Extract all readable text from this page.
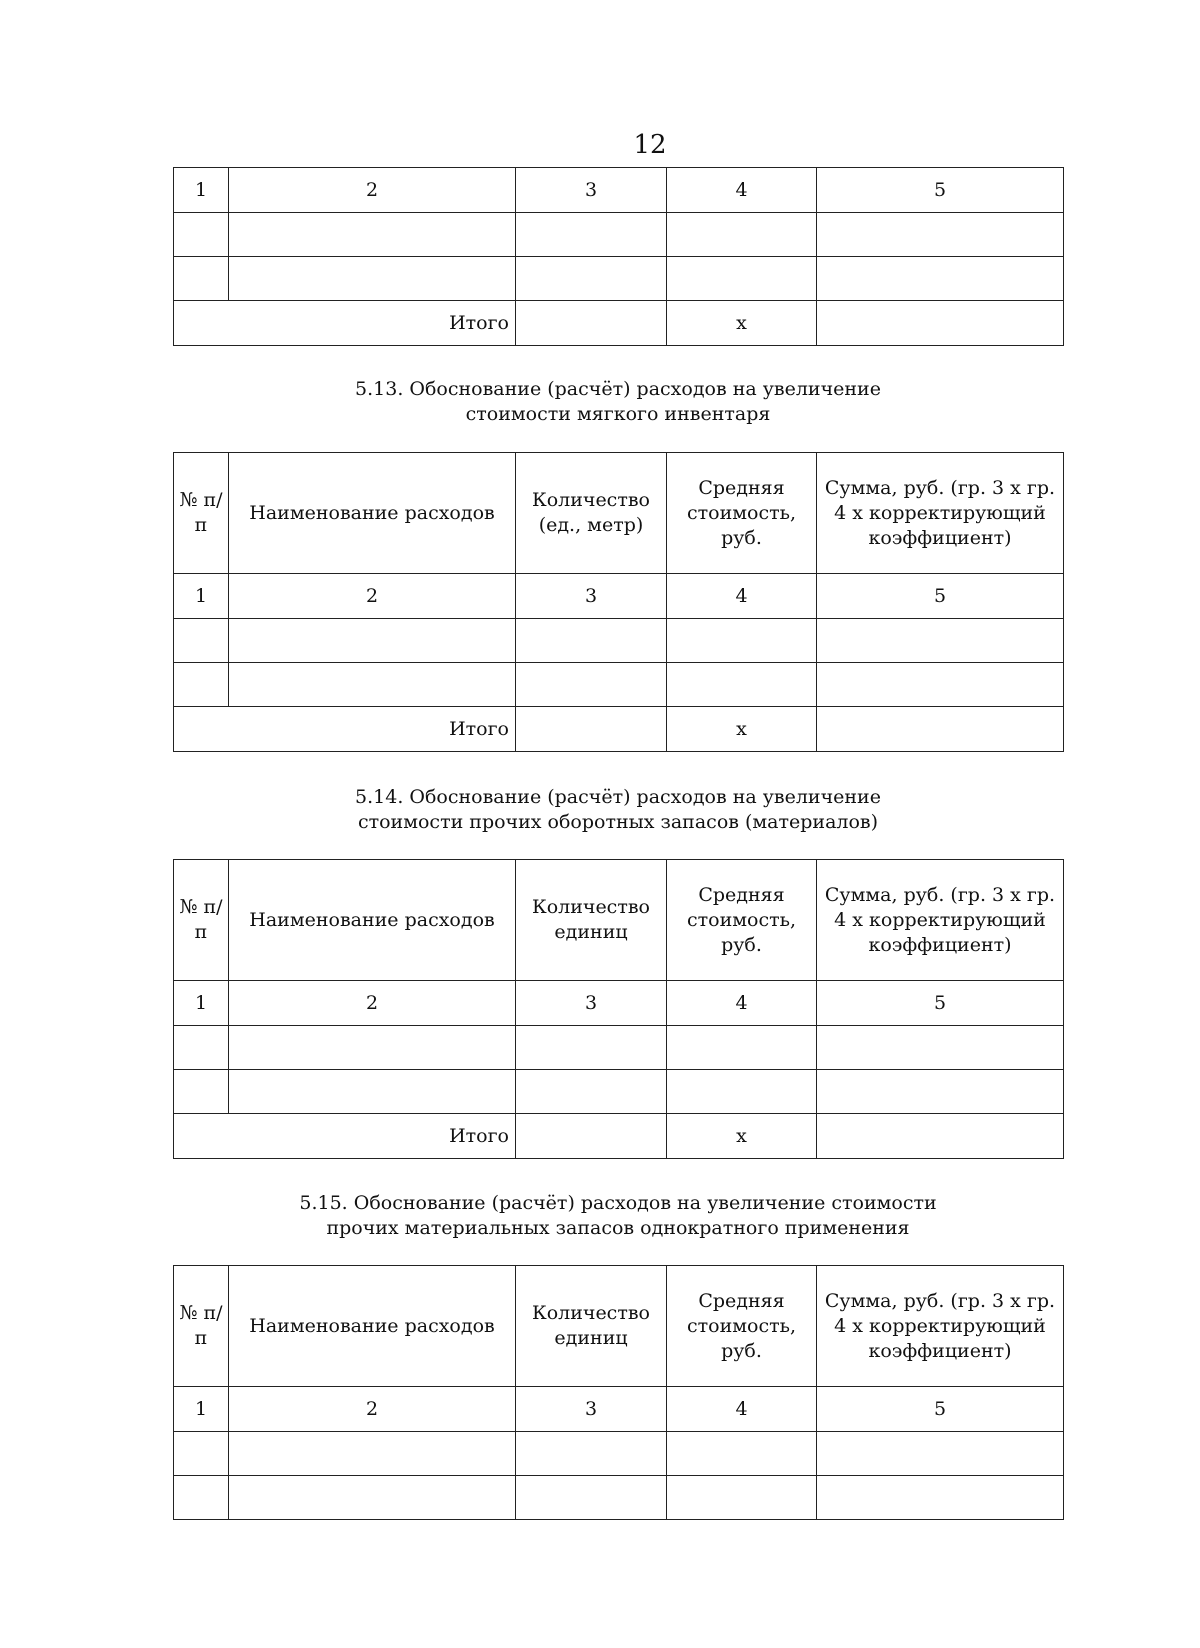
12
1	2	3	4	5

Итого			x	
5.13. Обоснование (расчёт) расходов на увеличение
стоимости мягкого инвентаря
№ п/п	Наименование расходов	Количество (ед., метр)	Средняя стоимость, руб.	Сумма, руб. (гр. 3 х гр. 4 х корректирующий коэффициент)
1	2	3	4	5

Итого			x	
5.14. Обоснование (расчёт) расходов на увеличение
стоимости прочих оборотных запасов (материалов)
№ п/п	Наименование расходов	Количество единиц	Средняя стоимость, руб.	Сумма, руб. (гр. 3 х гр. 4 х корректирующий коэффициент)
1	2	3	4	5

Итого			x	
5.15. Обоснование (расчёт) расходов на увеличение стоимости
прочих материальных запасов однократного применения
№ п/п	Наименование расходов	Количество единиц	Средняя стоимость, руб.	Сумма, руб. (гр. 3 х гр. 4 х корректирующий коэффициент)
1	2	3	4	5
